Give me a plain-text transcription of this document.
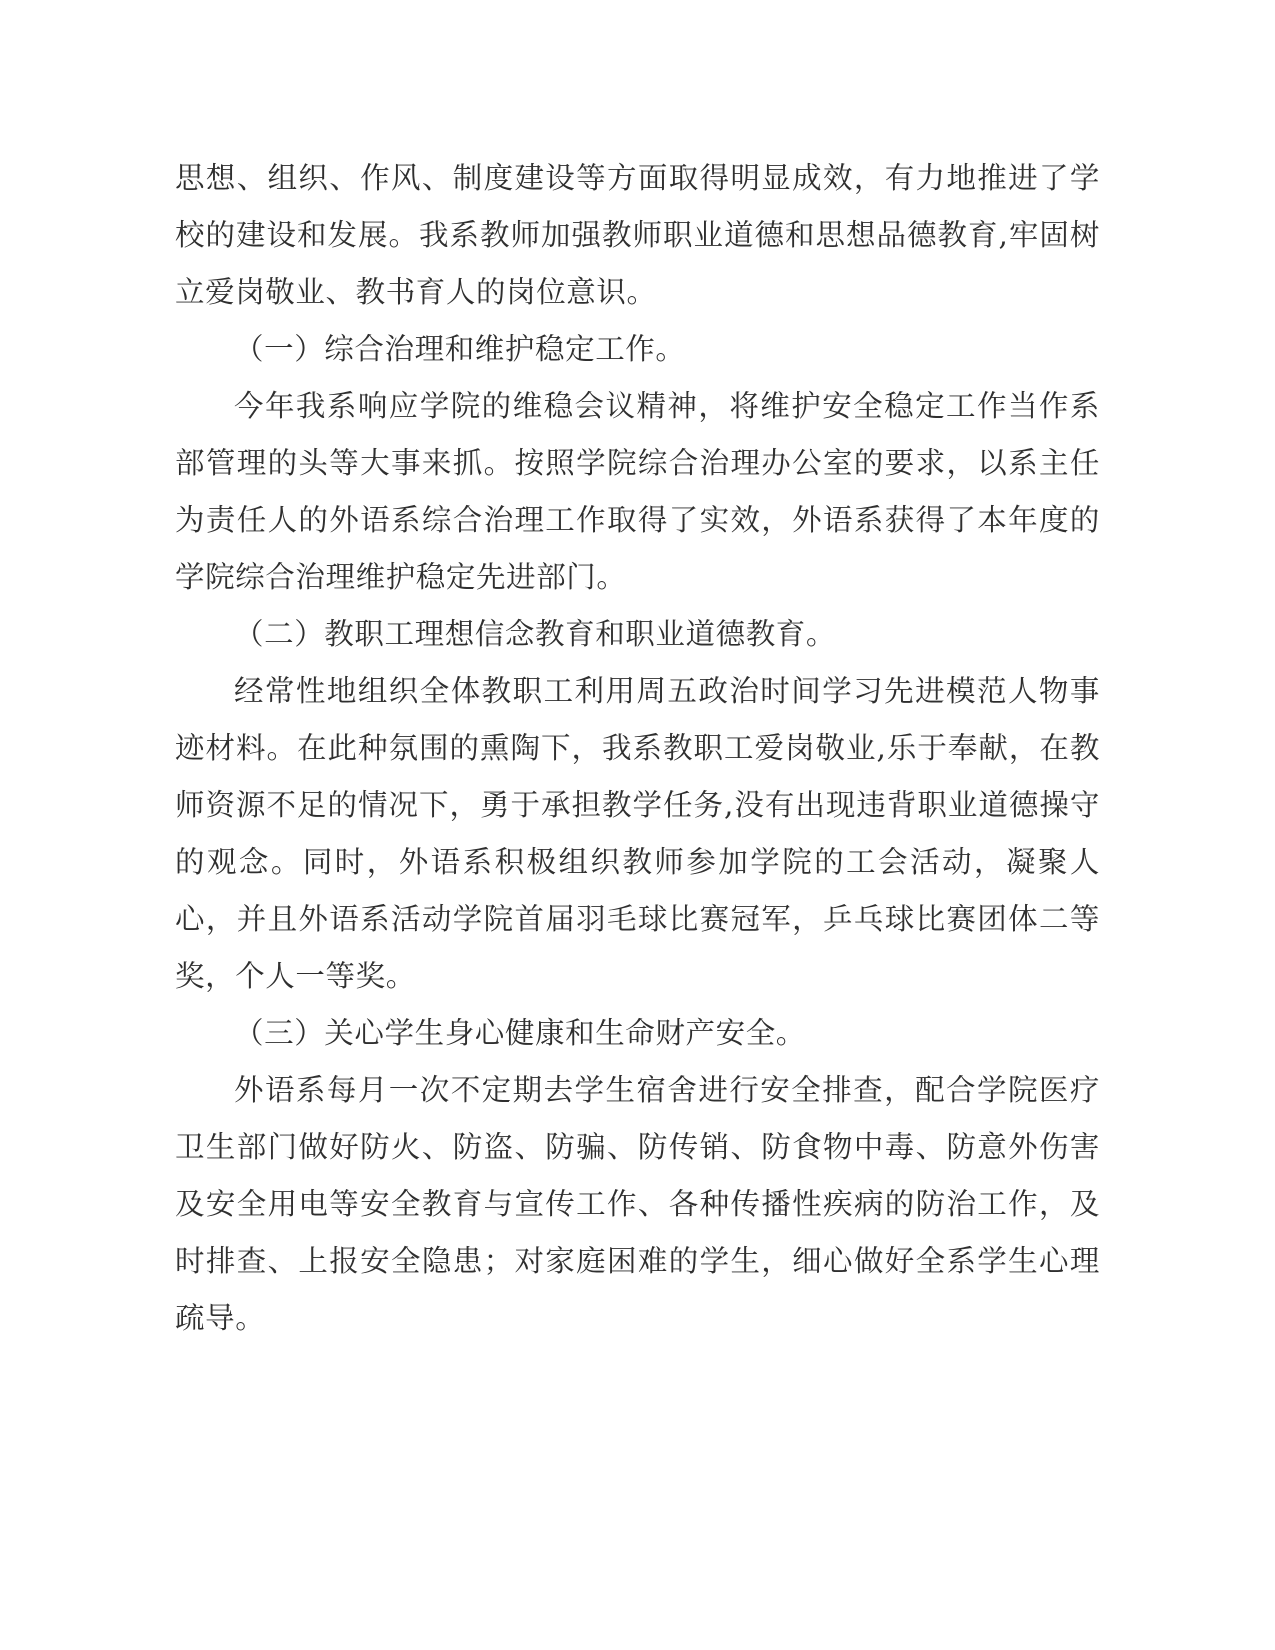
思想、组织、作风、制度建设等方面取得明显成效，有力地推进了学校的建设和发展。我系教师加强教师职业道德和思想品德教育,牢固树立爱岗敬业、教书育人的岗位意识。

（一）综合治理和维护稳定工作。

今年我系响应学院的维稳会议精神，将维护安全稳定工作当作系部管理的头等大事来抓。按照学院综合治理办公室的要求，以系主任为责任人的外语系综合治理工作取得了实效，外语系获得了本年度的学院综合治理维护稳定先进部门。

（二）教职工理想信念教育和职业道德教育。

经常性地组织全体教职工利用周五政治时间学习先进模范人物事迹材料。在此种氛围的熏陶下，我系教职工爱岗敬业,乐于奉献，在教师资源不足的情况下，勇于承担教学任务,没有出现违背职业道德操守的观念。同时，外语系积极组织教师参加学院的工会活动，凝聚人心，并且外语系活动学院首届羽毛球比赛冠军，乒乓球比赛团体二等奖，个人一等奖。

（三）关心学生身心健康和生命财产安全。

外语系每月一次不定期去学生宿舍进行安全排查，配合学院医疗卫生部门做好防火、防盗、防骗、防传销、防食物中毒、防意外伤害及安全用电等安全教育与宣传工作、各种传播性疾病的防治工作，及时排查、上报安全隐患；对家庭困难的学生，细心做好全系学生心理疏导。
